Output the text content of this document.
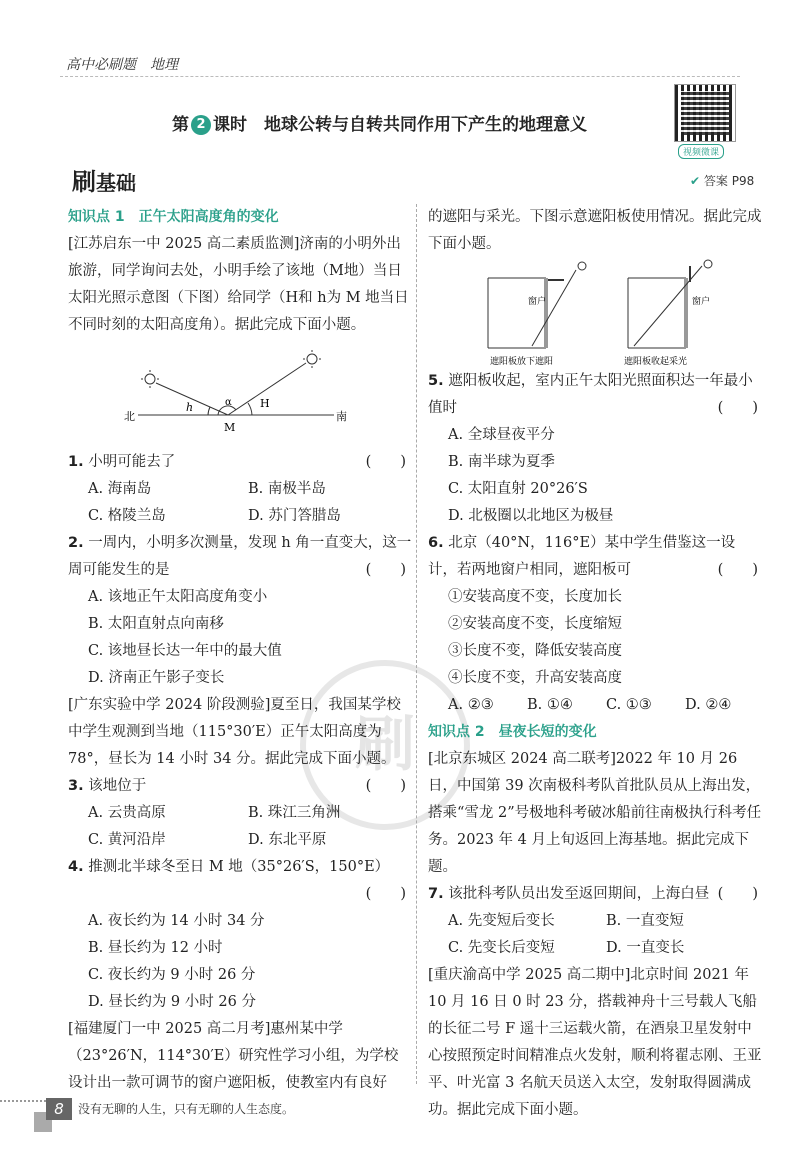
高中必刷题　地理
第 2 课时　地球公转与自转共同作用下产生的地理意义
视频微课
刷基础	✔ 答案 P98
刷
知识点 1　正午太阳高度角的变化
[江苏启东一中 2025 高二素质监测]济南的小明外出旅游，同学询问去处，小明手绘了该地（M地）当日太阳光照示意图（下图）给同学（H和 h为 M 地当日不同时刻的太阳高度角）。据此完成下面小题。
北	南
h	H
α
M
1. 小明可能去了	(　　)
A. 海南岛	B. 南极半岛
C. 格陵兰岛	D. 苏门答腊岛
2. 一周内，小明多次测量，发现 h 角一直变大，这一周可能发生的是	(　　)
A. 该地正午太阳高度角变小
B. 太阳直射点向南移
C. 该地昼长达一年中的最大值
D. 济南正午影子变长
[广东实验中学 2024 阶段测验]夏至日，我国某学校中学生观测到当地（115°30′E）正午太阳高度为78°，昼长为 14 小时 34 分。据此完成下面小题。
3. 该地位于	(　　)
A. 云贵高原	B. 珠江三角洲
C. 黄河沿岸	D. 东北平原
4. 推测北半球冬至日 M 地（35°26′S，150°E）
(　　)
A. 夜长约为 14 小时 34 分
B. 昼长约为 12 小时
C. 夜长约为 9 小时 26 分
D. 昼长约为 9 小时 26 分
[福建厦门一中 2025 高二月考]惠州某中学（23°26′N，114°30′E）研究性学习小组，为学校设计出一款可调节的窗户遮阳板，使教室内有良好
的遮阳与采光。下图示意遮阳板使用情况。据此完成下面小题。
窗户
遮阳板放下遮阳
窗户
遮阳板收起采光
5. 遮阳板收起，室内正午太阳光照面积达一年最小值时	(　　)
A. 全球昼夜平分
B. 南半球为夏季
C. 太阳直射 20°26′S
D. 北极圈以北地区为极昼
6. 北京（40°N，116°E）某中学生借鉴这一设计，若两地窗户相同，遮阳板可	(　　)
①安装高度不变，长度加长
②安装高度不变，长度缩短
③长度不变，降低安装高度
④长度不变，升高安装高度
A. ②③	B. ①④	C. ①③	D. ②④
知识点 2　昼夜长短的变化
[北京东城区 2024 高二联考]2022 年 10 月 26 日，中国第 39 次南极科考队首批队员从上海出发，搭乘“雪龙 2”号极地科考破冰船前往南极执行科考任务。2023 年 4 月上旬返回上海基地。据此完成下题。
7. 该批科考队员出发至返回期间，上海白昼 (　　)
A. 先变短后变长	B. 一直变短
C. 先变长后变短	D. 一直变长
[重庆渝高中学 2025 高二期中]北京时间 2021 年 10 月 16 日 0 时 23 分，搭载神舟十三号载人飞船的长征二号 F 遥十三运载火箭，在酒泉卫星发射中心按照预定时间精准点火发射，顺利将翟志刚、王亚平、叶光富 3 名航天员送入太空，发射取得圆满成功。据此完成下面小题。
8	没有无聊的人生，只有无聊的人生态度。
